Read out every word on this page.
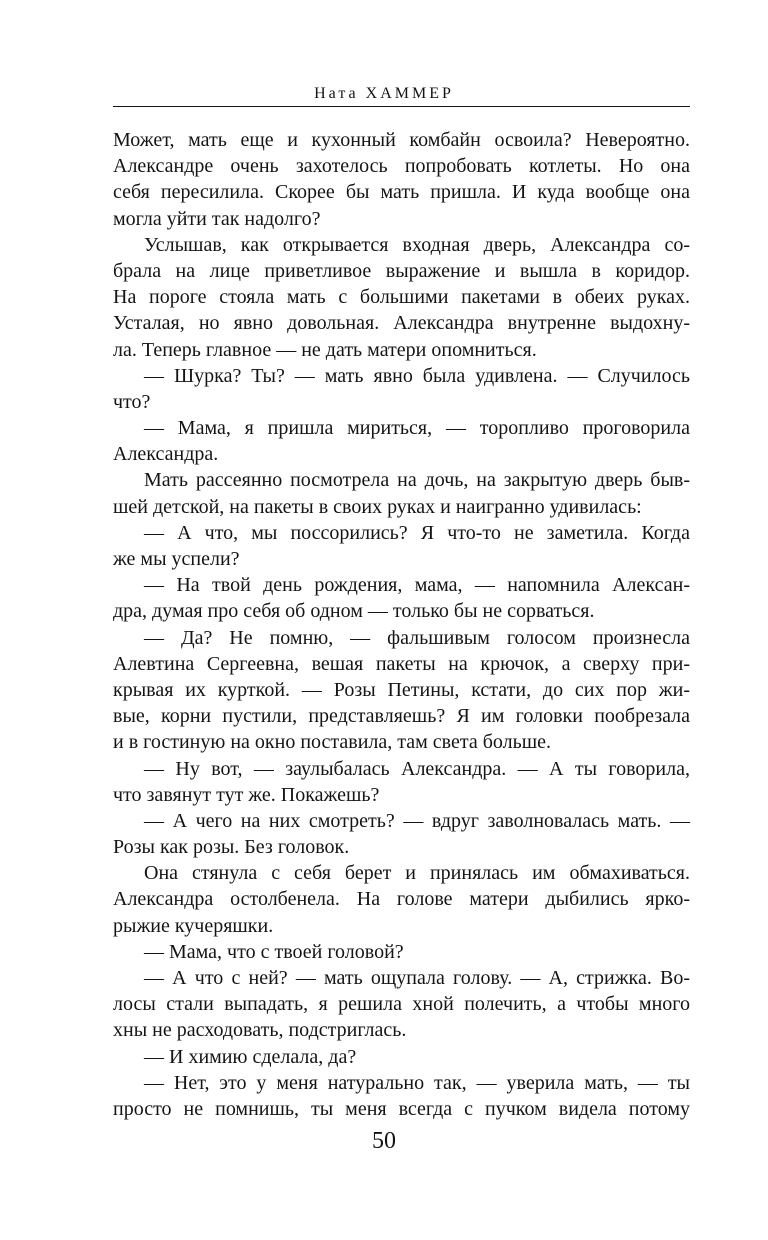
Ната ХАММЕР
Может, мать еще и кухонный комбайн освоила? Невероятно.
Александре очень захотелось попробовать котлеты. Но она
себя пересилила. Скорее бы мать пришла. И куда вообще она
могла уйти так надолго?
Услышав, как открывается входная дверь, Александра со-
брала на лице приветливое выражение и вышла в коридор.
На пороге стояла мать с большими пакетами в обеих руках.
Усталая, но явно довольная. Александра внутренне выдохну-
ла. Теперь главное — не дать матери опомниться.
— Шурка? Ты? — мать явно была удивлена. — Случилось
что?
— Мама, я пришла мириться, — торопливо проговорила
Александра.
Мать рассеянно посмотрела на дочь, на закрытую дверь быв-
шей детской, на пакеты в своих руках и наигранно удивилась:
— А что, мы поссорились? Я что-то не заметила. Когда
же мы успели?
— На твой день рождения, мама, — напомнила Алексан-
дра, думая про себя об одном — только бы не сорваться.
— Да? Не помню, — фальшивым голосом произнесла
Алевтина Сергеевна, вешая пакеты на крючок, а сверху при-
крывая их курткой. — Розы Петины, кстати, до сих пор жи-
вые, корни пустили, представляешь? Я им головки пообрезала
и в гостиную на окно поставила, там света больше.
— Ну вот, — заулыбалась Александра. — А ты говорила,
что завянут тут же. Покажешь?
— А чего на них смотреть? — вдруг заволновалась мать. —
Розы как розы. Без головок.
Она стянула с себя берет и принялась им обмахиваться.
Александра остолбенела. На голове матери дыбились ярко-
рыжие кучеряшки.
— Мама, что с твоей головой?
— А что с ней? — мать ощупала голову. — А, стрижка. Во-
лосы стали выпадать, я решила хной полечить, а чтобы много
хны не расходовать, подстриглась.
— И химию сделала, да?
— Нет, это у меня натурально так, — уверила мать, — ты
просто не помнишь, ты меня всегда с пучком видела потому
50
